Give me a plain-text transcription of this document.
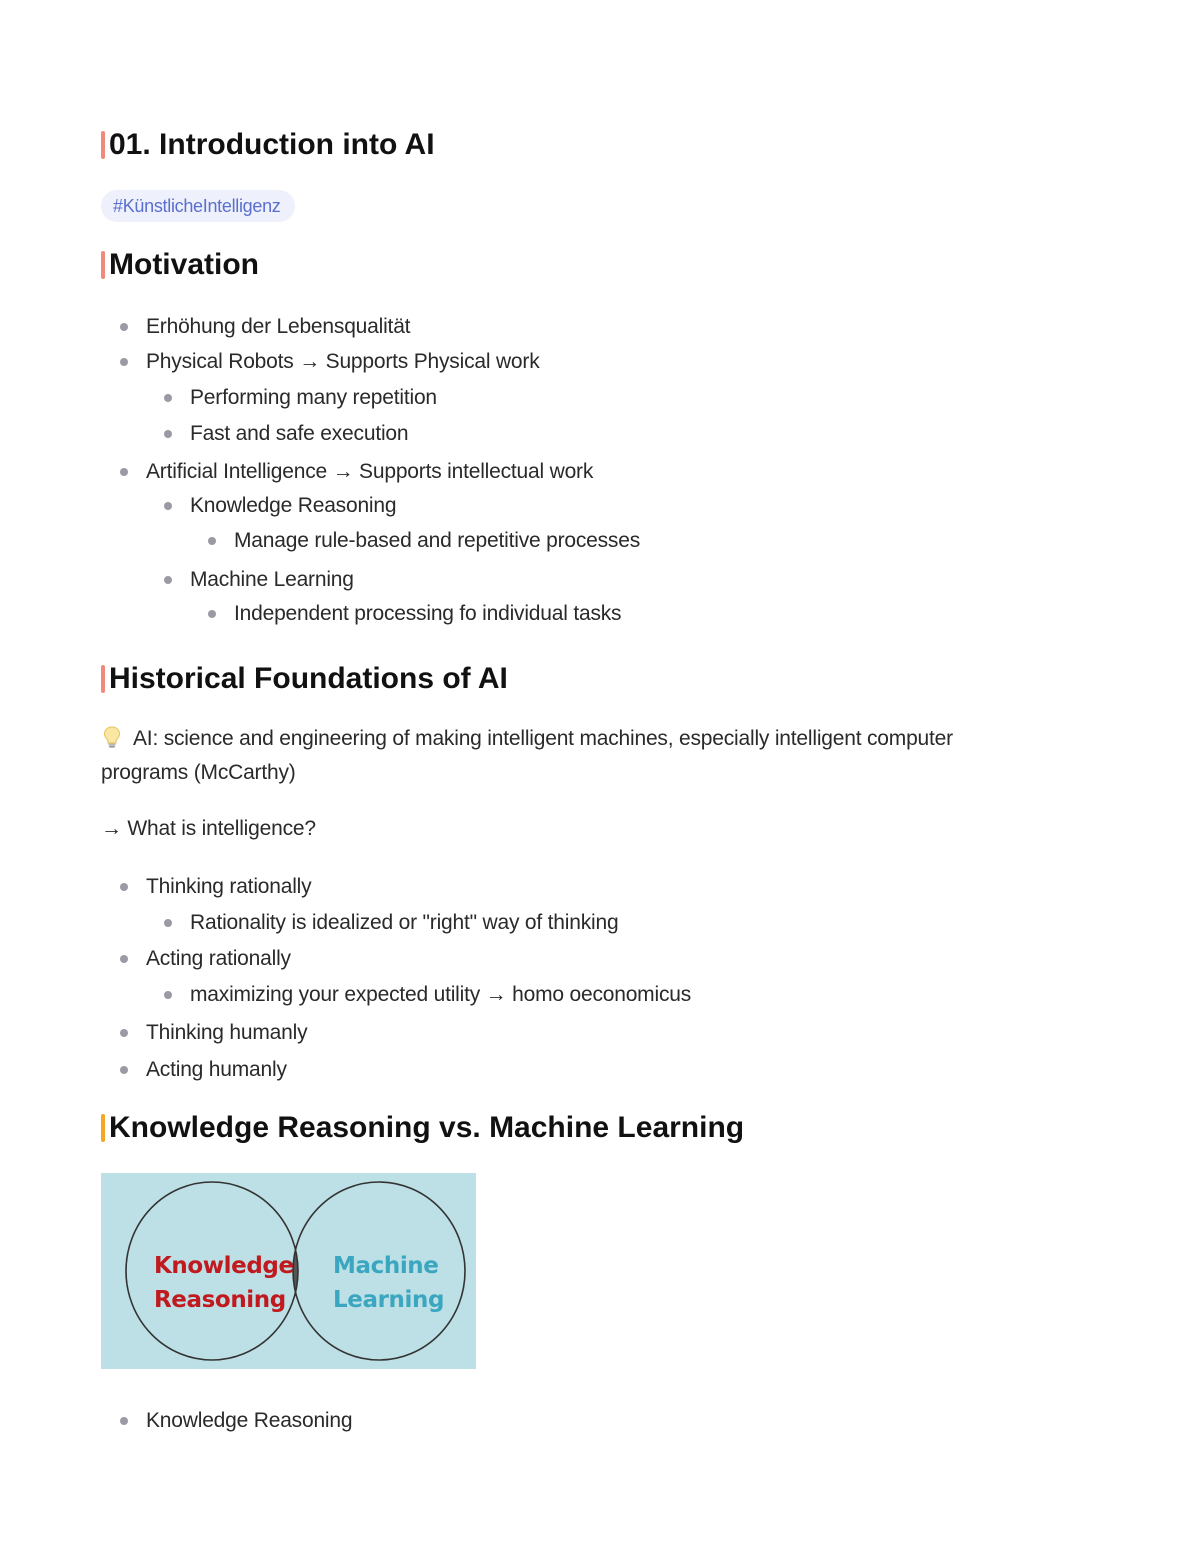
01. Introduction into AI
#KünstlicheIntelligenz
Motivation
Erhöhung der Lebensqualität
Physical Robots → Supports Physical work
Performing many repetition
Fast and safe execution
Artificial Intelligence → Supports intellectual work
Knowledge Reasoning
Manage rule-based and repetitive processes
Machine Learning
Independent processing fo individual tasks
Historical Foundations of AI
AI: science and engineering of making intelligent machines, especially intelligent computer
programs (McCarthy)
→ What is intelligence?
Thinking rationally
Rationality is idealized or "right" way of thinking
Acting rationally
maximizing your expected utility → homo oeconomicus
Thinking humanly
Acting humanly
Knowledge Reasoning vs. Machine Learning
Knowledge
Reasoning
Machine
Learning
Knowledge Reasoning
